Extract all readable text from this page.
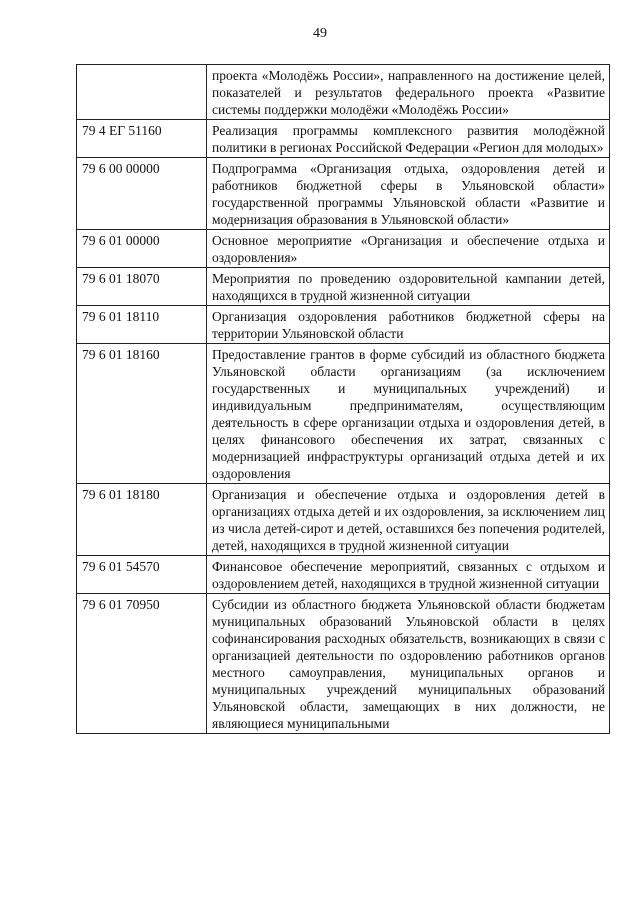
49
	проекта «Молодёжь России», направленного на достижение целей, показателей и результатов федерального проекта «Развитие системы поддержки молодёжи «Молодёжь России»
79 4 ЕГ 51160	Реализация программы комплексного развития молодёжной политики в регионах Российской Федерации «Регион для молодых»
79 6 00 00000	Подпрограмма «Организация отдыха, оздоровления детей и работников бюджетной сферы в Ульяновской области» государственной программы Ульяновской области «Развитие и модернизация образования в Ульяновской области»
79 6 01 00000	Основное мероприятие «Организация и обеспечение отдыха и оздоровления»
79 6 01 18070	Мероприятия по проведению оздоровительной кампании детей, находящихся в трудной жизненной ситуации
79 6 01 18110	Организация оздоровления работников бюджетной сферы на территории Ульяновской области
79 6 01 18160	Предоставление грантов в форме субсидий из областного бюджета Ульяновской области организациям (за исключением государственных и муниципальных учреждений) и индивидуальным предпринимателям, осуществляющим деятельность в сфере организации отдыха и оздоровления детей, в целях финансового обеспечения их затрат, связанных с модернизацией инфраструктуры организаций отдыха детей и их оздоровления
79 6 01 18180	Организация и обеспечение отдыха и оздоровления детей в организациях отдыха детей и их оздоровления, за исключением лиц из числа детей-сирот и детей, оставшихся без попечения родителей, детей, находящихся в трудной жизненной ситуации
79 6 01 54570	Финансовое обеспечение мероприятий, связанных с отдыхом и оздоровлением детей, находящихся в трудной жизненной ситуации
79 6 01 70950	Субсидии из областного бюджета Ульяновской области бюджетам муниципальных образований Ульяновской области в целях софинансирования расходных обязательств, возникающих в связи с организацией деятельности по оздоровлению работников органов местного самоуправления, муниципальных органов и муниципальных учреждений муниципальных образований Ульяновской области, замещающих в них должности, не являющиеся муниципальными
